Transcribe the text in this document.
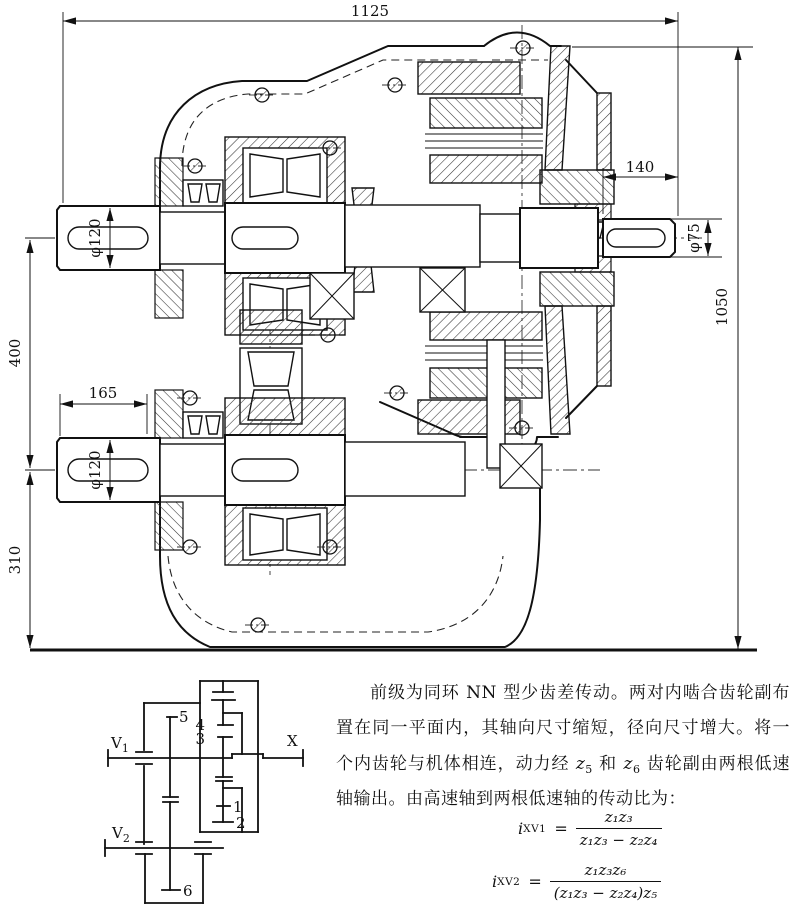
1125
140
φ75
1050
φ120
400
165
φ120
310
$V_1$
$V_2$
X
5 4
3
1
2
6
前级为同环 NN 型少齿差传动。两对内啮合齿轮副布置在同一平面内，其轴向尺寸缩短，径向尺寸增大。将一个内齿轮与机体相连，动力经 $z_5$ 和 $z_6$ 齿轮副由两根低速轴输出。由高速轴到两根低速轴的传动比为：
i $XV1 = \frac{\text{z₁z₃}}{\text{z₁z₃ − z₂z₄}}$
i $XV2 = \frac{\text{z₁z₃z₆}}{\text{(z₁z₃ − z₂z₄)z₅}}$
